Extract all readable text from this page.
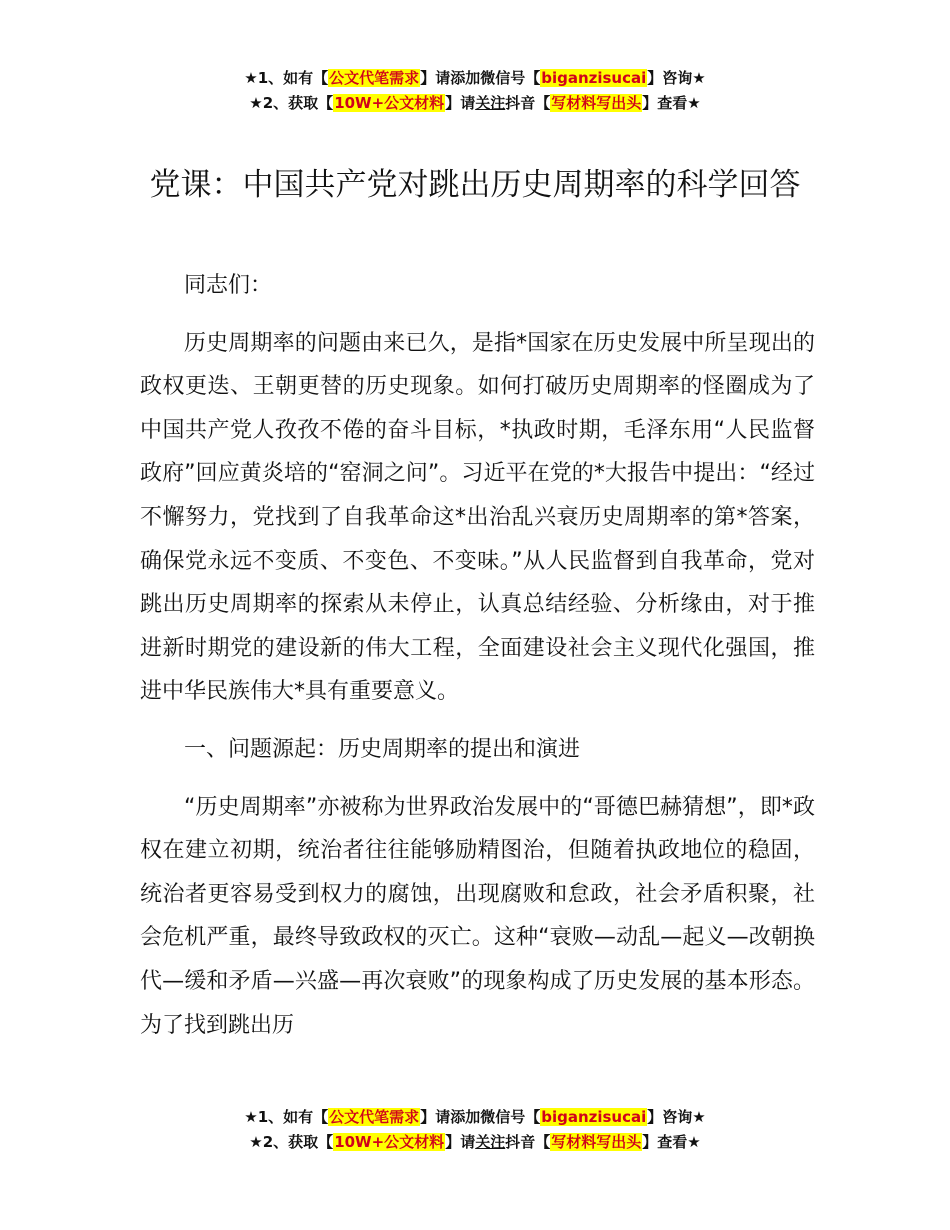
★1、如有【公文代笔需求】请添加微信号【biganzisucai】咨询★
★2、获取【10W+公文材料】请关注抖音【写材料写出头】查看★
党课：中国共产党对跳出历史周期率的科学回答

同志们：

历史周期率的问题由来已久，是指*国家在历史发展中所呈现出的政权更迭、王朝更替的历史现象。如何打破历史周期率的怪圈成为了中国共产党人孜孜不倦的奋斗目标，*执政时期，毛泽东用“人民监督政府”回应黄炎培的“窑洞之问”。习近平在党的*大报告中提出：“经过不懈努力，党找到了自我革命这*出治乱兴衰历史周期率的第*答案，确保党永远不变质、不变色、不变味。”从人民监督到自我革命，党对跳出历史周期率的探索从未停止，认真总结经验、分析缘由，对于推进新时期党的建设新的伟大工程，全面建设社会主义现代化强国，推进中华民族伟大*具有重要意义。

一、问题源起：历史周期率的提出和演进

“历史周期率”亦被称为世界政治发展中的“哥德巴赫猜想”，即*政权在建立初期，统治者往往能够励精图治，但随着执政地位的稳固，统治者更容易受到权力的腐蚀，出现腐败和怠政，社会矛盾积聚，社会危机严重，最终导致政权的灭亡。这种“衰败—动乱—起义—改朝换代—缓和矛盾—兴盛—再次衰败”的现象构成了历史发展的基本形态。为了找到跳出历

★1、如有【公文代笔需求】请添加微信号【biganzisucai】咨询★
★2、获取【10W+公文材料】请关注抖音【写材料写出头】查看★
